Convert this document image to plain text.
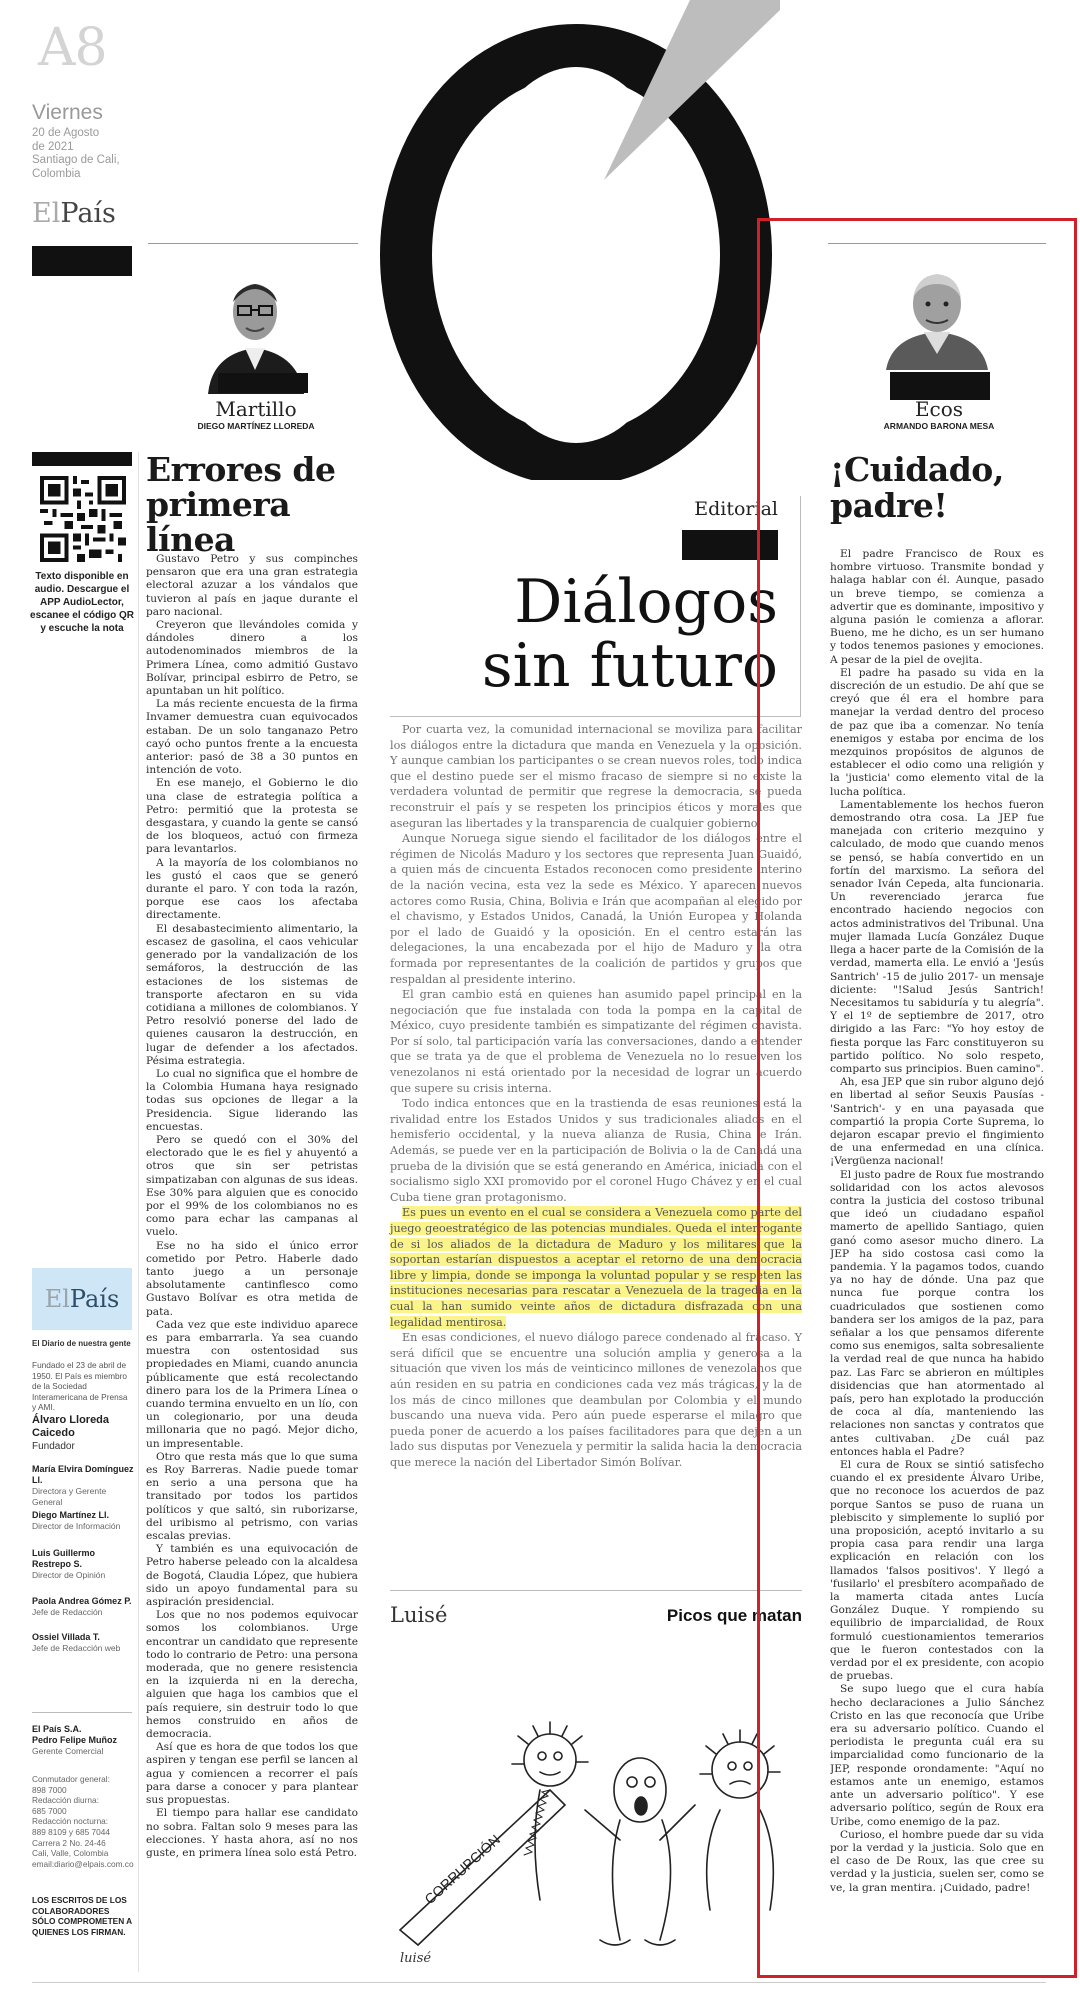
A8
Viernes
20 de Agosto
de 2021
Santiago de Cali,
Colombia
ElPaís
Martillo
DIEGO MARTÍNEZ LLOREDA
Texto disponible en audio. Descargue el APP AudioLector, escanee el código QR y escuche la nota
El País
El Diario de nuestra gente
Fundado el 23 de abril de 1950. El País es miembro de la Sociedad Interamericana de Prensa y AMI.
Álvaro Lloreda Caicedo
Fundador
María Elvira Domínguez Ll.
Directora y Gerente General
Diego Martínez Ll.
Director de Información
Luis Guillermo Restrepo S.
Director de Opinión
Paola Andrea Gómez P.
Jefe de Redacción
Ossiel Villada T.
Jefe de Redacción web
El País S.A.
Pedro Felipe Muñoz
Gerente Comercial
Conmutador general:
898 7000
Redacción diurna:
685 7000
Redacción nocturna:
889 8109 y 685 7044
Carrera 2 No. 24-46
Cali, Valle, Colombia
email:diario@elpais.com.co
LOS ESCRITOS DE LOS COLABORADORES SÓLO COMPROMETEN A QUIENES LOS FIRMAN.
Errores de
primera línea

Gustavo Petro y sus compinches pensaron que era una gran estrategia electoral azuzar a los vándalos que tuvieron al país en jaque durante el paro nacional.

Creyeron que llevándoles comida y dándoles dinero a los autodenominados miembros de la Primera Línea, como admitió Gustavo Bolívar, principal esbirro de Petro, se apuntaban un hit político.

La más reciente encuesta de la firma Invamer demuestra cuan equivocados estaban. De un solo tanganazo Petro cayó ocho puntos frente a la encuesta anterior: pasó de 38 a 30 puntos en intención de voto.

En ese manejo, el Gobierno le dio una clase de estrategia política a Petro: permitió que la protesta se desgastara, y cuando la gente se cansó de los bloqueos, actuó con firmeza para levantarlos.

A la mayoría de los colombianos no les gustó el caos que se generó durante el paro. Y con toda la razón, porque ese caos los afectaba directamente.

El desabastecimiento alimentario, la escasez de gasolina, el caos vehicular generado por la vandalización de los semáforos, la destrucción de las estaciones de los sistemas de transporte afectaron en su vida cotidiana a millones de colombianos. Y Petro resolvió ponerse del lado de quienes causaron la destrucción, en lugar de defender a los afectados. Pésima estrategia.

Lo cual no significa que el hombre de la Colombia Humana haya resignado todas sus opciones de llegar a la Presidencia. Sigue liderando las encuestas.

Pero se quedó con el 30% del electorado que le es fiel y ahuyentó a otros que sin ser petristas simpatizaban con algunas de sus ideas. Ese 30% para alguien que es conocido por el 99% de los colombianos no es como para echar las campanas al vuelo.

Ese no ha sido el único error cometido por Petro. Haberle dado tanto juego a un personaje absolutamente cantinflesco como Gustavo Bolívar es otra metida de pata.

Cada vez que este individuo aparece es para embarrarla. Ya sea cuando muestra con ostentosidad sus propiedades en Miami, cuando anuncia públicamente que está recolectando dinero para los de la Primera Línea o cuando termina envuelto en un lío, con un colegionario, por una deuda millonaria que no pagó. Mejor dicho, un impresentable.

Otro que resta más que lo que suma es Roy Barreras. Nadie puede tomar en serio a una persona que ha transitado por todos los partidos políticos y que saltó, sin ruborizarse, del uribismo al petrismo, con varias escalas previas.

Y también es una equivocación de Petro haberse peleado con la alcaldesa de Bogotá, Claudia López, que hubiera sido un apoyo fundamental para su aspiración presidencial.

Los que no nos podemos equivocar somos los colombianos. Urge encontrar un candidato que represente todo lo contrario de Petro: una persona moderada, que no genere resistencia en la izquierda ni en la derecha, alguien que haga los cambios que el país requiere, sin destruir todo lo que hemos construido en años de democracia.

Así que es hora de que todos los que aspiren y tengan ese perfil se lancen al agua y comiencen a recorrer el país para darse a conocer y para plantear sus propuestas.

El tiempo para hallar ese candidato no sobra. Faltan solo 9 meses para las elecciones. Y hasta ahora, así no nos guste, en primera línea solo está Petro.

Editorial
Diálogos
sin futuro

Por cuarta vez, la comunidad internacional se moviliza para facilitar los diálogos entre la dictadura que manda en Venezuela y la oposición. Y aunque cambian los participantes o se crean nuevos roles, todo indica que el destino puede ser el mismo fracaso de siempre si no existe la verdadera voluntad de permitir que regrese la democracia, se pueda reconstruir el país y se respeten los principios éticos y morales que aseguran las libertades y la transparencia de cualquier gobierno.

Aunque Noruega sigue siendo el facilitador de los diálogos entre el régimen de Nicolás Maduro y los sectores que representa Juan Guaidó, a quien más de cincuenta Estados reconocen como presidente interino de la nación vecina, esta vez la sede es México. Y aparecen nuevos actores como Rusia, China, Bolivia e Irán que acompañan al elegido por el chavismo, y Estados Unidos, Canadá, la Unión Europea y Holanda por el lado de Guaidó y la oposición. En el centro estarán las delegaciones, la una encabezada por el hijo de Maduro y la otra formada por representantes de la coalición de partidos y grupos que respaldan al presidente interino.

El gran cambio está en quienes han asumido papel principal en la negociación que fue instalada con toda la pompa en la capital de México, cuyo presidente también es simpatizante del régimen chavista. Por sí solo, tal participación varía las conversaciones, dando a entender que se trata ya de que el problema de Venezuela no lo resuelven los venezolanos ni está orientado por la necesidad de lograr un acuerdo que supere su crisis interna.

Todo indica entonces que en la trastienda de esas reuniones está la rivalidad entre los Estados Unidos y sus tradicionales aliados en el hemisferio occidental, y la nueva alianza de Rusia, China e Irán. Además, se puede ver en la participación de Bolivia o la de Canadá una prueba de la división que se está generando en América, iniciada con el socialismo siglo XXI promovido por el coronel Hugo Chávez y en el cual Cuba tiene gran protagonismo.

Es pues un evento en el cual se considera a Venezuela como parte del juego geoestratégico de las potencias mundiales. Queda el interrogante de si los aliados de la dictadura de Maduro y los militares que la soportan estarían dispuestos a aceptar el retorno de una democracia libre y limpia, donde se imponga la voluntad popular y se respeten las instituciones necesarias para rescatar a Venezuela de la tragedia en la cual la han sumido veinte años de dictadura disfrazada con una legalidad mentirosa.

En esas condiciones, el nuevo diálogo parece condenado al fracaso. Y será difícil que se encuentre una solución amplia y generosa a la situación que viven los más de veinticinco millones de venezolanos que aún residen en su patria en condiciones cada vez más trágicas, y la de los más de cinco millones que deambulan por Colombia y el mundo buscando una nueva vida. Pero aún puede esperarse el milagro que pueda poner de acuerdo a los países facilitadores para que dejen a un lado sus disputas por Venezuela y permitir la salida hacia la democracia que merece la nación del Libertador Simón Bolívar.

Luisé	Picos que matan
CORRUPCIÓN
luisé
Ecos
ARMANDO BARONA MESA
¡Cuidado,
padre!

El padre Francisco de Roux es hombre virtuoso. Transmite bondad y halaga hablar con él. Aunque, pasado un breve tiempo, se comienza a advertir que es dominante, impositivo y alguna pasión le comienza a aflorar. Bueno, me he dicho, es un ser humano y todos tenemos pasiones y emociones. A pesar de la piel de ovejita.

El padre ha pasado su vida en la discreción de un estudio. De ahí que se creyó que él era el hombre para manejar la verdad dentro del proceso de paz que iba a comenzar. No tenía enemigos y estaba por encima de los mezquinos propósitos de algunos de establecer el odio como una religión y la 'justicia' como elemento vital de la lucha política.

Lamentablemente los hechos fueron demostrando otra cosa. La JEP fue manejada con criterio mezquino y calculado, de modo que cuando menos se pensó, se había convertido en un fortín del marxismo. La señora del senador Iván Cepeda, alta funcionaria. Un reverenciado jerarca fue encontrado haciendo negocios con actos administrativos del Tribunal. Una mujer llamada Lucía González Duque llega a hacer parte de la Comisión de la verdad, mamerta ella. Le envió a 'Jesús Santrich' -15 de julio 2017- un mensaje diciente: "!Salud Jesús Santrich! Necesitamos tu sabiduría y tu alegría". Y el 1º de septiembre de 2017, otro dirigido a las Farc: "Yo hoy estoy de fiesta porque las Farc constituyeron su partido político. No solo respeto, comparto sus principios. Buen camino".

Ah, esa JEP que sin rubor alguno dejó en libertad al señor Seuxis Pausías -'Santrich'- y en una payasada que compartió la propia Corte Suprema, lo dejaron escapar previo el fingimiento de una enfermedad en una clínica. ¡Vergüenza nacional!

El justo padre de Roux fue mostrando solidaridad con los actos alevosos contra la justicia del costoso tribunal que ideó un ciudadano español mamerto de apellido Santiago, quien ganó como asesor mucho dinero. La JEP ha sido costosa casi como la pandemia. Y la pagamos todos, cuando ya no hay de dónde. Una paz que nunca fue porque contra los cuadriculados que sostienen como bandera ser los amigos de la paz, para señalar a los que pensamos diferente como sus enemigos, salta sobresaliente la verdad real de que nunca ha habido paz. Las Farc se abrieron en múltiples disidencias que han atormentado al país, pero han explotado la producción de coca al día, manteniendo las relaciones non sanctas y contratos que antes cultivaban. ¿De cuál paz entonces habla el Padre?

El cura de Roux se sintió satisfecho cuando el ex presidente Álvaro Uribe, que no reconoce los acuerdos de paz porque Santos se puso de ruana un plebiscito y simplemente lo suplió por una proposición, aceptó invitarlo a su propia casa para rendir una larga explicación en relación con los llamados 'falsos positivos'. Y llegó a 'fusilarlo' el presbítero acompañado de la mamerta citada antes Lucía González Duque. Y rompiendo su equilibrio de imparcialidad, de Roux formuló cuestionamientos temerarios que le fueron contestados con la verdad por el ex presidente, con acopio de pruebas.

Se supo luego que el cura había hecho declaraciones a Julio Sánchez Cristo en las que reconocía que Uribe era su adversario político. Cuando el periodista le pregunta cuál era su imparcialidad como funcionario de la JEP, responde orondamente: "Aquí no estamos ante un enemigo, estamos ante un adversario político". Y ese adversario político, según de Roux era Uribe, como enemigo de la paz.

Curioso, el hombre puede dar su vida por la verdad y la justicia. Solo que en el caso de De Roux, las que cree su verdad y la justicia, suelen ser, como se ve, la gran mentira. ¡Cuidado, padre!
